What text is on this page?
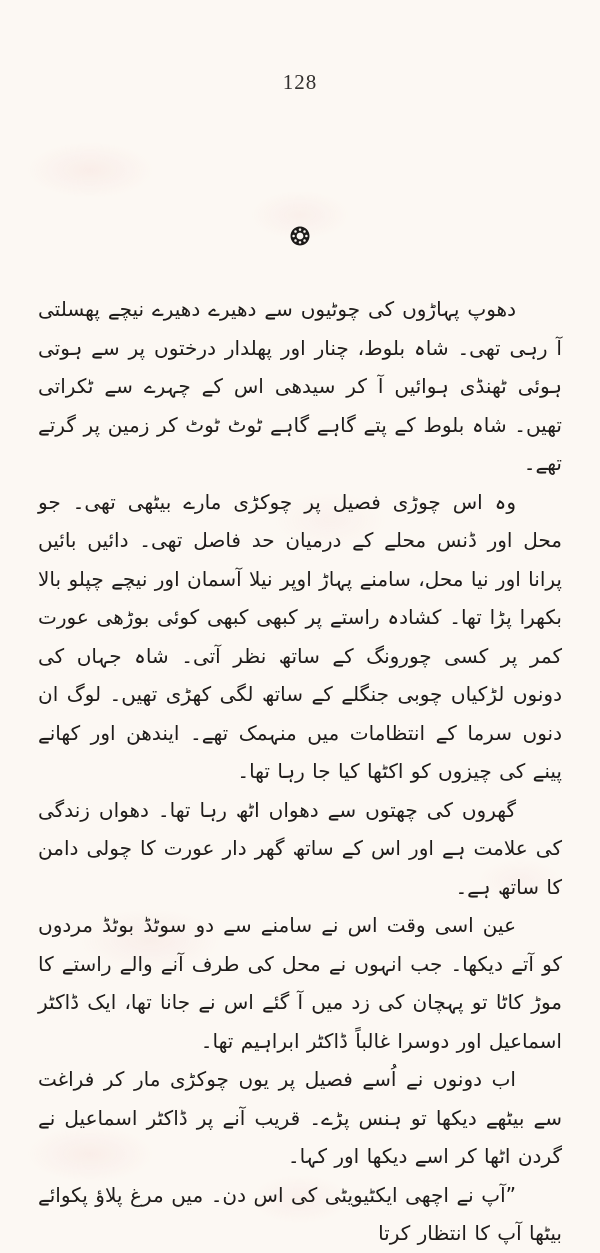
128

دھوپ پہاڑوں کی چوٹیوں سے دھیرے دھیرے نیچے پھسلتی آ رہی تھی۔ شاہ بلوط، چنار اور پھلدار درختوں پر سے ہوتی ہوئی ٹھنڈی ہوائیں آ کر سیدھی اس کے چہرے سے ٹکراتی تھیں۔ شاہ بلوط کے پتے گاہے گاہے ٹوٹ ٹوٹ کر زمین پر گرتے تھے۔

وہ اس چوڑی فصیل پر چوکڑی مارے بیٹھی تھی۔ جو محل اور ڈنس محلے کے درمیان حد فاصل تھی۔ دائیں بائیں پرانا اور نیا محل، سامنے پہاڑ اوپر نیلا آسمان اور نیچے چپلو بالا بکھرا پڑا تھا۔ کشادہ راستے پر کبھی کبھی کوئی بوڑھی عورت کمر پر کسی چورونگ کے ساتھ نظر آتی۔ شاہ جہاں کی دونوں لڑکیاں چوبی جنگلے کے ساتھ لگی کھڑی تھیں۔ لوگ ان دنوں سرما کے انتظامات میں منہمک تھے۔ ایندھن اور کھانے پینے کی چیزوں کو اکٹھا کیا جا رہا تھا۔

گھروں کی چھتوں سے دھواں اٹھ رہا تھا۔ دھواں زندگی کی علامت ہے اور اس کے ساتھ گھر دار عورت کا چولی دامن کا ساتھ ہے۔

عین اسی وقت اس نے سامنے سے دو سوٹڈ بوٹڈ مردوں کو آتے دیکھا۔ جب انہوں نے محل کی طرف آنے والے راستے کا موڑ کاٹا تو پہچان کی زد میں آ گئے اس نے جانا تھا، ایک ڈاکٹر اسماعیل اور دوسرا غالباً ڈاکٹر ابراہیم تھا۔

اب دونوں نے اُسے فصیل پر یوں چوکڑی مار کر فراغت سے بیٹھے دیکھا تو ہنس پڑے۔ قریب آنے پر ڈاکٹر اسماعیل نے گردن اٹھا کر اسے دیکھا اور کہا۔

”آپ نے اچھی ایکٹیویٹی کی اس دن۔ میں مرغ پلاؤ پکوائے بیٹھا آپ کا انتظار کرتا
